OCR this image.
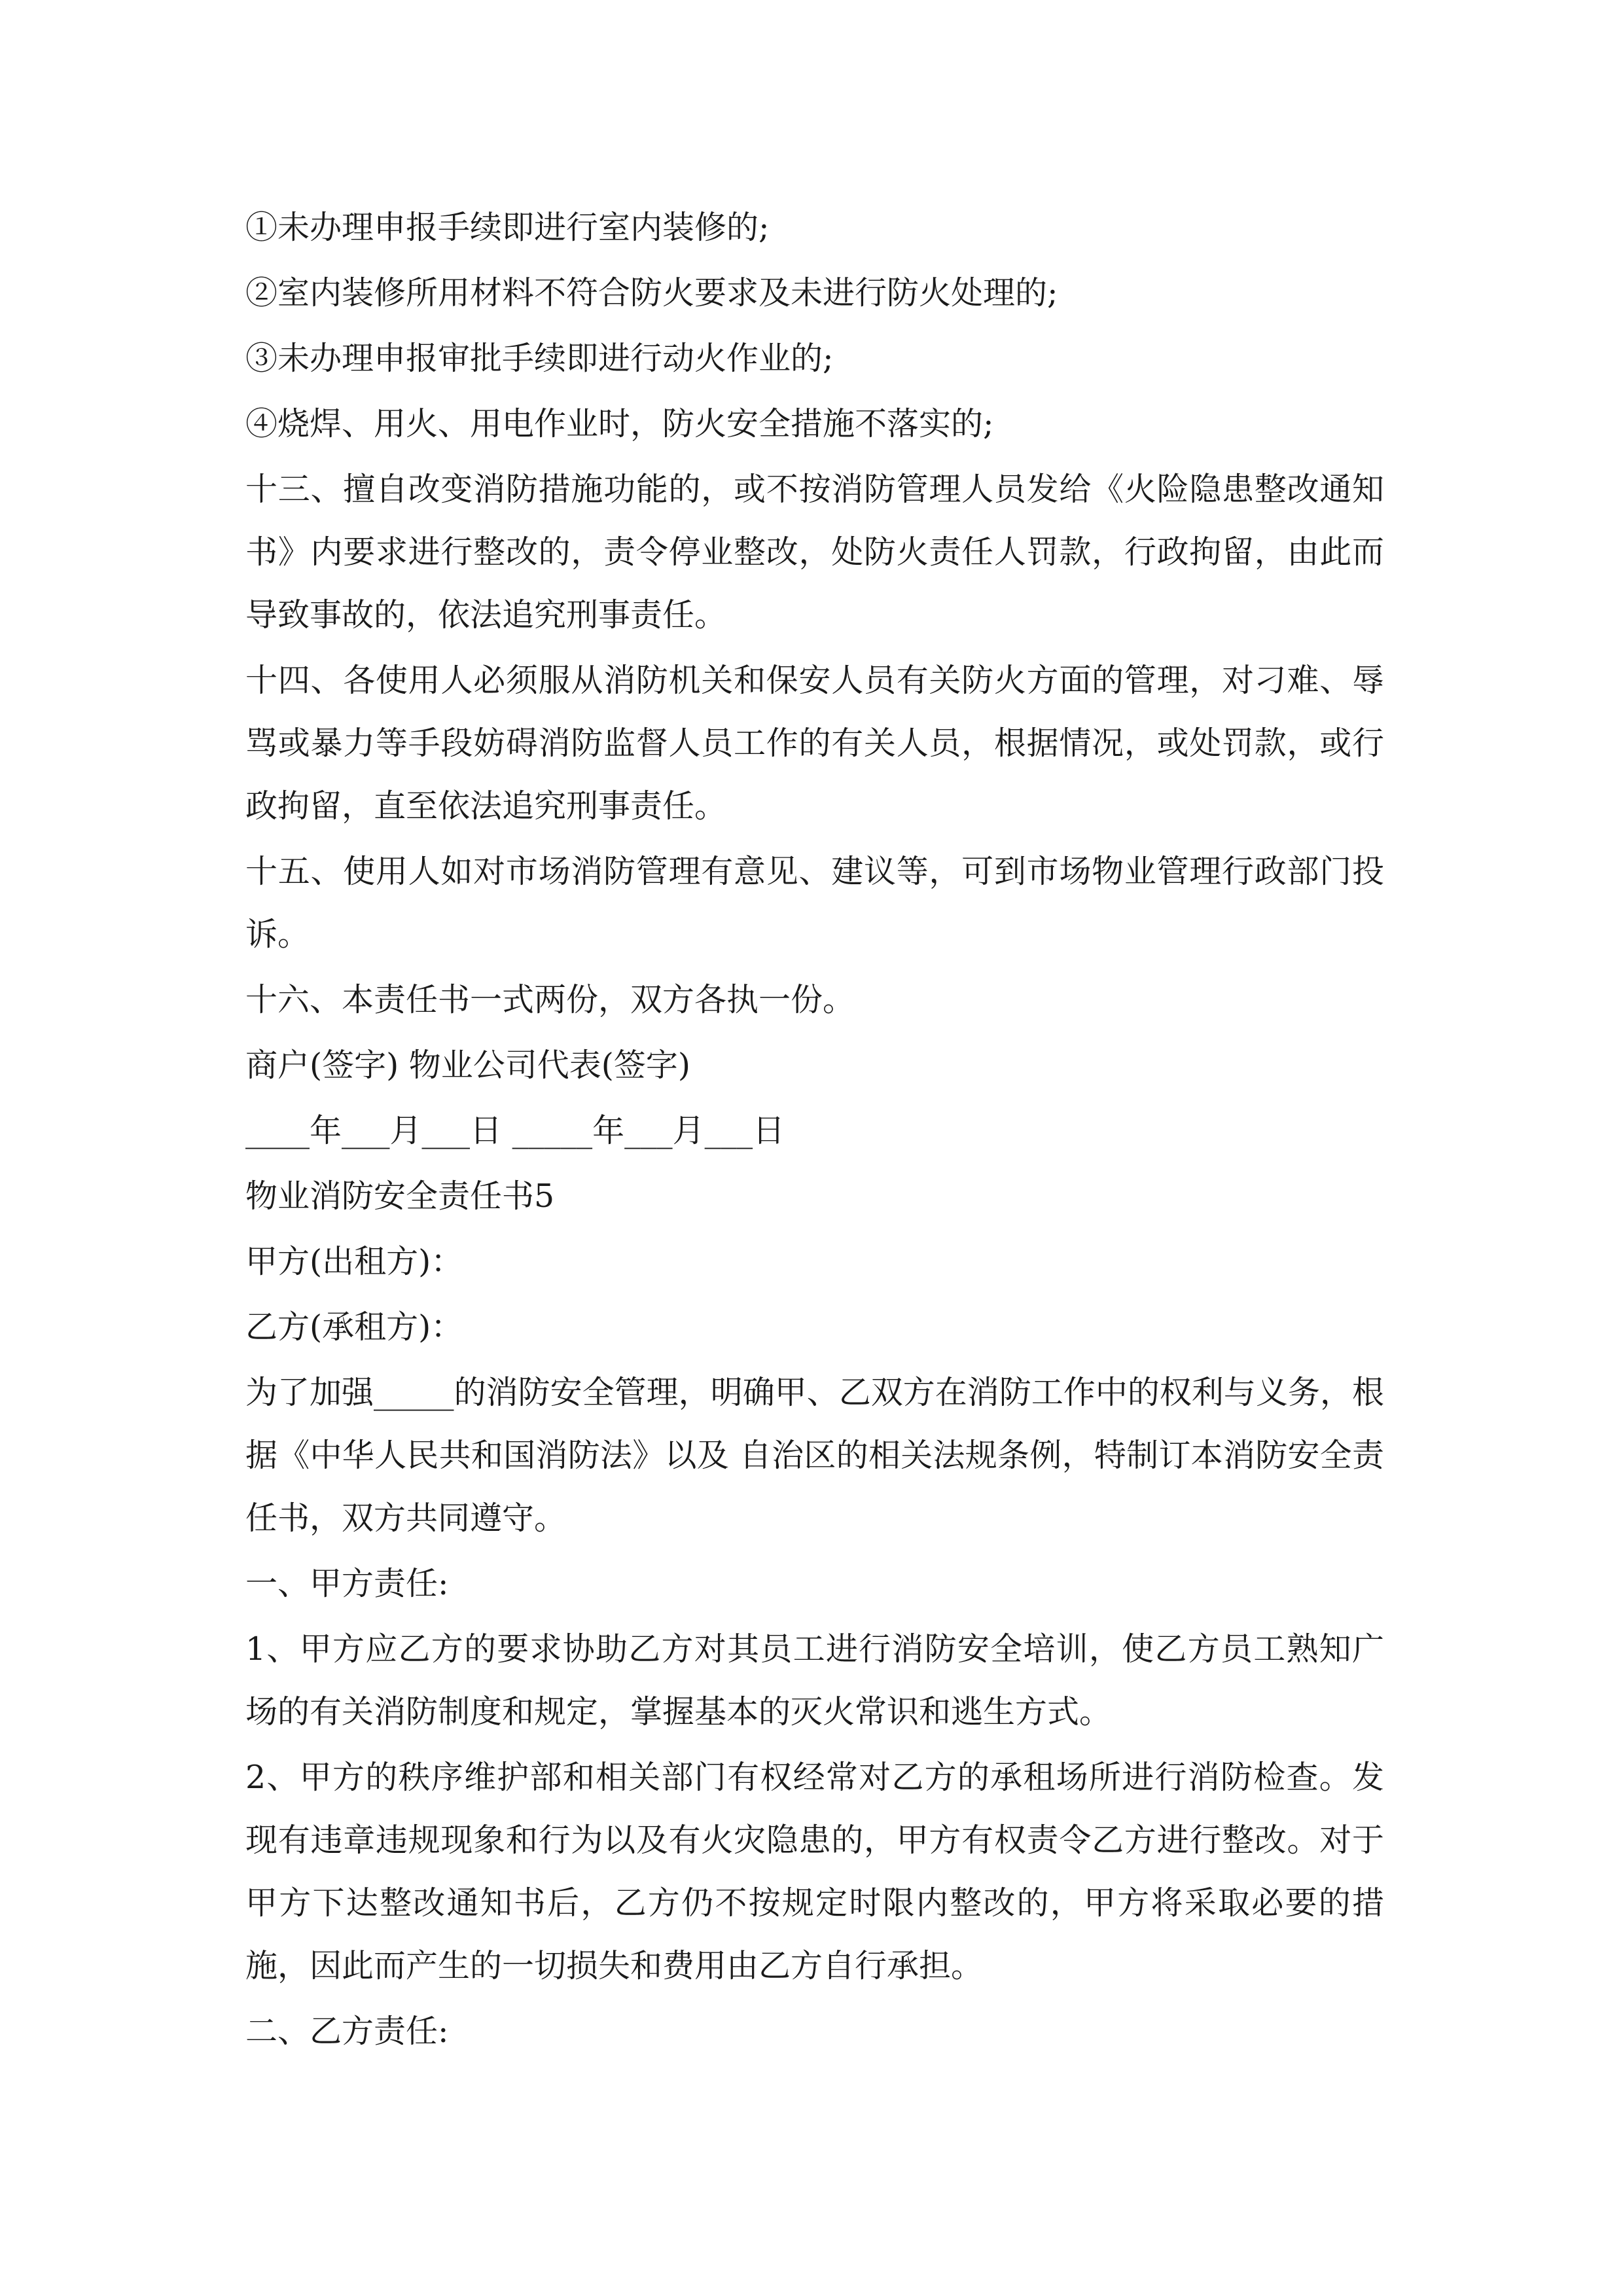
①未办理申报手续即进行室内装修的;

②室内装修所用材料不符合防火要求及未进行防火处理的;

③未办理申报审批手续即进行动火作业的;

④烧焊、用火、用电作业时，防火安全措施不落实的;

十三、擅自改变消防措施功能的，或不按消防管理人员发给《火险隐患整改通知书》内要求进行整改的，责令停业整改，处防火责任人罚款，行政拘留，由此而导致事故的，依法追究刑事责任。

十四、各使用人必须服从消防机关和保安人员有关防火方面的管理，对刁难、辱骂或暴力等手段妨碍消防监督人员工作的有关人员，根据情况，或处罚款，或行政拘留，直至依法追究刑事责任。

十五、使用人如对市场消防管理有意见、建议等，可到市场物业管理行政部门投诉。

十六、本责任书一式两份，双方各执一份。

商户(签字) 物业公司代表(签字)

____年___月___日 _____年___月___日

物业消防安全责任书5

甲方(出租方)：

乙方(承租方)：

为了加强_____的消防安全管理，明确甲、乙双方在消防工作中的权利与义务，根据《中华人民共和国消防法》以及 自治区的相关法规条例，特制订本消防安全责任书，双方共同遵守。

一、甲方责任:

1、甲方应乙方的要求协助乙方对其员工进行消防安全培训，使乙方员工熟知广场的有关消防制度和规定，掌握基本的灭火常识和逃生方式。

2、甲方的秩序维护部和相关部门有权经常对乙方的承租场所进行消防检查。发现有违章违规现象和行为以及有火灾隐患的，甲方有权责令乙方进行整改。对于甲方下达整改通知书后，乙方仍不按规定时限内整改的，甲方将采取必要的措施，因此而产生的一切损失和费用由乙方自行承担。

二、乙方责任:
